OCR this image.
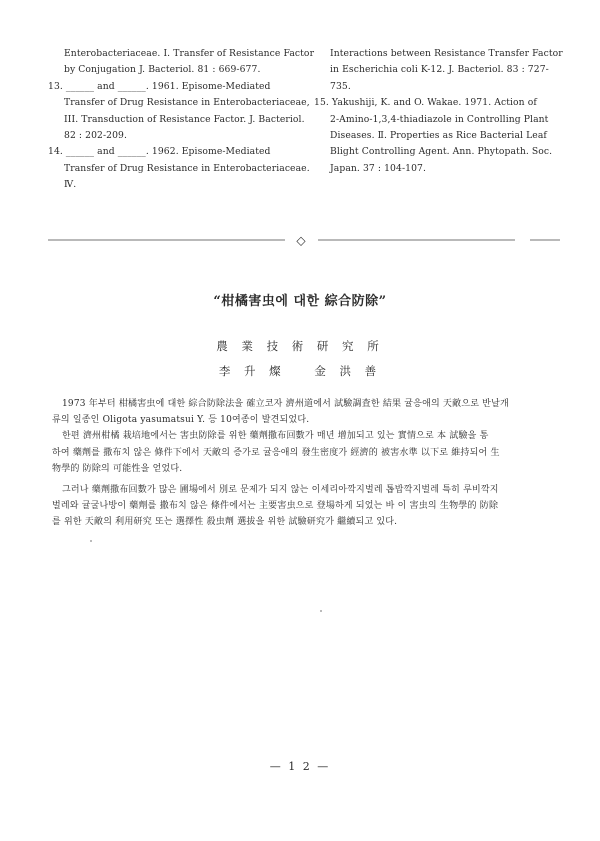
Enterobacteriaceae. I. Transfer of Resistance Factor
by Conjugation J. Bacteriol. 81 : 669-677.
13. ______ and ______. 1961. Episome-Mediated
Transfer of Drug Resistance in Enterobacteriaceae,
III. Transduction of Resistance Factor. J. Bacteriol.
82 : 202-209.
14. ______ and ______. 1962. Episome-Mediated
Transfer of Drug Resistance in Enterobacteriaceae.
Ⅳ.
Interactions between Resistance Transfer Factor
in Escherichia coli K-12. J. Bacteriol. 83 : 727-
735.
15. Yakushiji, K. and O. Wakae. 1971. Action of
2-Amino-1,3,4-thiadiazole in Controlling Plant
Diseases. Ⅱ. Properties as Rice Bacterial Leaf
Blight Controlling Agent. Ann. Phytopath. Soc.
Japan. 37 : 104-107.
◇
“柑橘害虫에 대한 綜合防除”
農 業 技 術 研 究 所
李 升 燦 金 洪 善
1973 年부터 柑橘害虫에 대한 綜合防除法을 確立코자 濟州道에서 試驗調査한 結果 귤응애의 天敵으로 반날개
류의 일종인 Oligota yasumatsui Y. 등 10여종이 발견되었다.
한편 濟州柑橘 栽培地에서는 害虫防除를 위한 藥劑撒布回數가 매년 增加되고 있는 實情으로 本 試驗을 통
하여 藥劑를 撒布치 않은 條件下에서 天敵의 증가로 귤응애의 發生密度가 經濟的 被害水準 以下로 維持되어 生
物學的 防除의 可能性을 얻었다.
그러나 藥劑撒布回數가 많은 圃場에서 別로 문제가 되지 않는 이세리아깍지벌레 톱밥깍지벌레 특히 루비깍지
벌레와 귤굴나방이 藥劑를 撒布치 않은 條件에서는 主要害虫으로 登場하게 되었는 바 이 害虫의 生物學的 防除
를 위한 天敵의 利用研究 또는 選擇性 殺虫劑 選拔을 위한 試驗研究가 繼續되고 있다.
— 1 2 —
